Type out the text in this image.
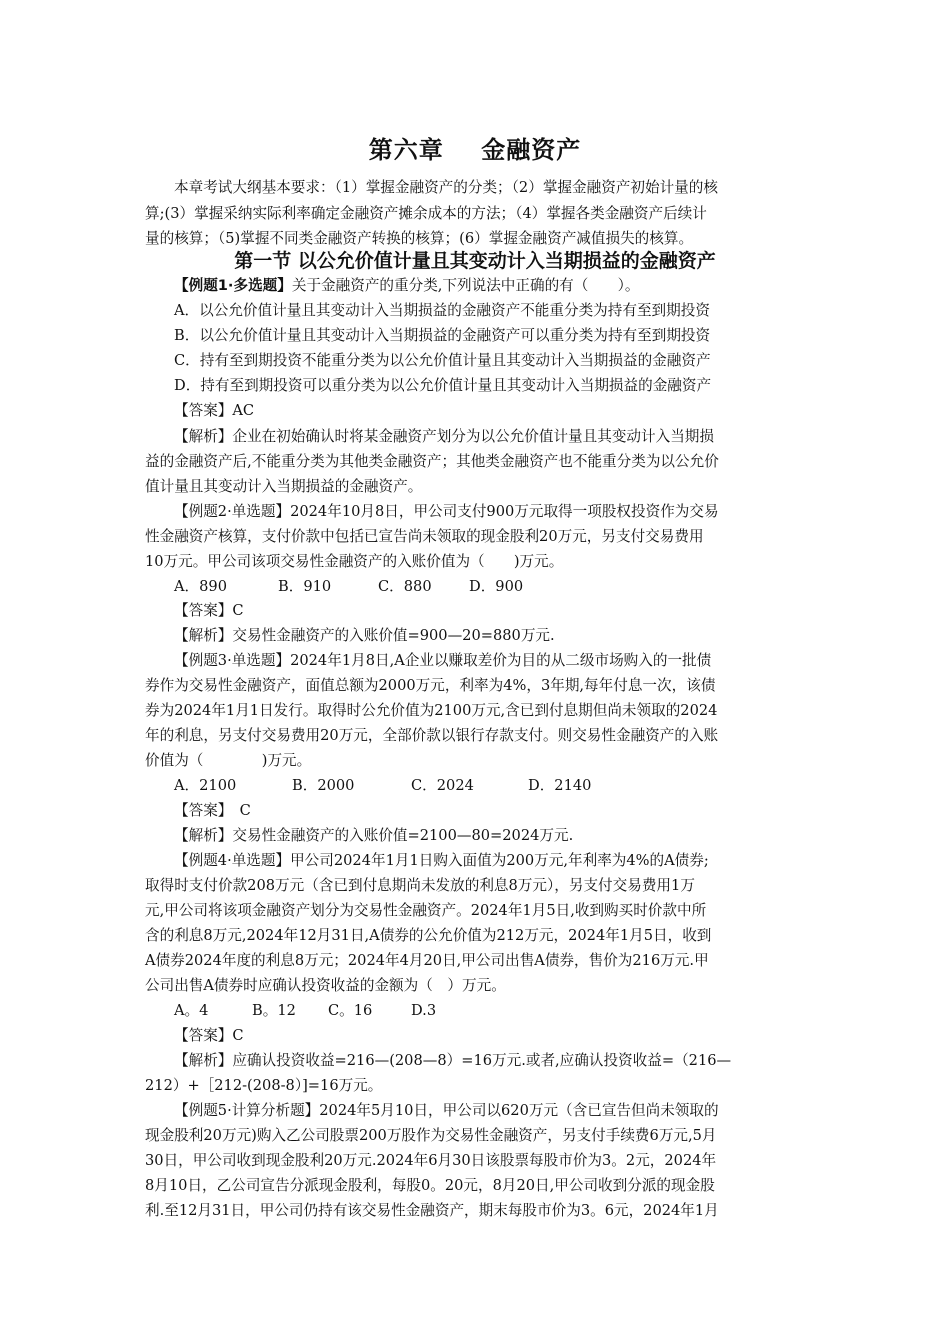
第六章    金融资产
本章考试大纲基本要求：（1）掌握金融资产的分类；（2）掌握金融资产初始计量的核
算;(3）掌握采纳实际利率确定金融资产摊余成本的方法；（4）掌握各类金融资产后续计
量的核算；（5)掌握不同类金融资产转换的核算；(6）掌握金融资产减值损失的核算。
第一节 以公允价值计量且其变动计入当期损益的金融资产
【例题1·多选题】关于金融资产的重分类,下列说法中正确的有（　　）。
A．以公允价值计量且其变动计入当期损益的金融资产不能重分类为持有至到期投资
B．以公允价值计量且其变动计入当期损益的金融资产可以重分类为持有至到期投资
C．持有至到期投资不能重分类为以公允价值计量且其变动计入当期损益的金融资产
D．持有至到期投资可以重分类为以公允价值计量且其变动计入当期损益的金融资产
【答案】AC
【解析】企业在初始确认时将某金融资产划分为以公允价值计量且其变动计入当期损
益的金融资产后,不能重分类为其他类金融资产；其他类金融资产也不能重分类为以公允价
值计量且其变动计入当期损益的金融资产。
【例题2·单选题】2024年10月8日，甲公司支付900万元取得一项股权投资作为交易
性金融资产核算，支付价款中包括已宣告尚未领取的现金股利20万元，另支付交易费用
10万元。甲公司该项交易性金融资产的入账价值为（　　)万元。
A．890	B．910	C．880	D．900
【答案】C
【解析】交易性金融资产的入账价值=900—20=880万元.
【例题3·单选题】2024年1月8日,A企业以赚取差价为目的从二级市场购入的一批债
券作为交易性金融资产，面值总额为2000万元，利率为4%，3年期,每年付息一次，该债
券为2024年1月1日发行。取得时公允价值为2100万元,含已到付息期但尚未领取的2024
年的利息，另支付交易费用20万元，全部价款以银行存款支付。则交易性金融资产的入账
价值为（　　　　)万元。
A．2100	B．2000	C．2024	D．2140
【答案】　C
【解析】交易性金融资产的入账价值=2100—80=2024万元.
【例题4·单选题】甲公司2024年1月1日购入面值为200万元,年利率为4%的A债券;
取得时支付价款208万元（含已到付息期尚未发放的利息8万元），另支付交易费用1万
元,甲公司将该项金融资产划分为交易性金融资产。2024年1月5日,收到购买时价款中所
含的利息8万元,2024年12月31日,A债券的公允价值为212万元，2024年1月5日，收到
A债券2024年度的利息8万元；2024年4月20日,甲公司出售A债券，售价为216万元.甲
公司出售A债券时应确认投资收益的金额为（　）万元。
A。4	B。12 C。16	D.3
【答案】C
【解析】应确认投资收益=216—(208—8）=16万元.或者,应确认投资收益=（216—
212）+［212-(208-8）]=16万元。
【例题5·计算分析题】2024年5月10日，甲公司以620万元（含已宣告但尚未领取的
现金股利20万元)购入乙公司股票200万股作为交易性金融资产，另支付手续费6万元,5月
30日，甲公司收到现金股利20万元.2024年6月30日该股票每股市价为3。2元，2024年
8月10日，乙公司宣告分派现金股利，每股0。20元，8月20日,甲公司收到分派的现金股
利.至12月31日，甲公司仍持有该交易性金融资产，期末每股市价为3。6元，2024年1月
